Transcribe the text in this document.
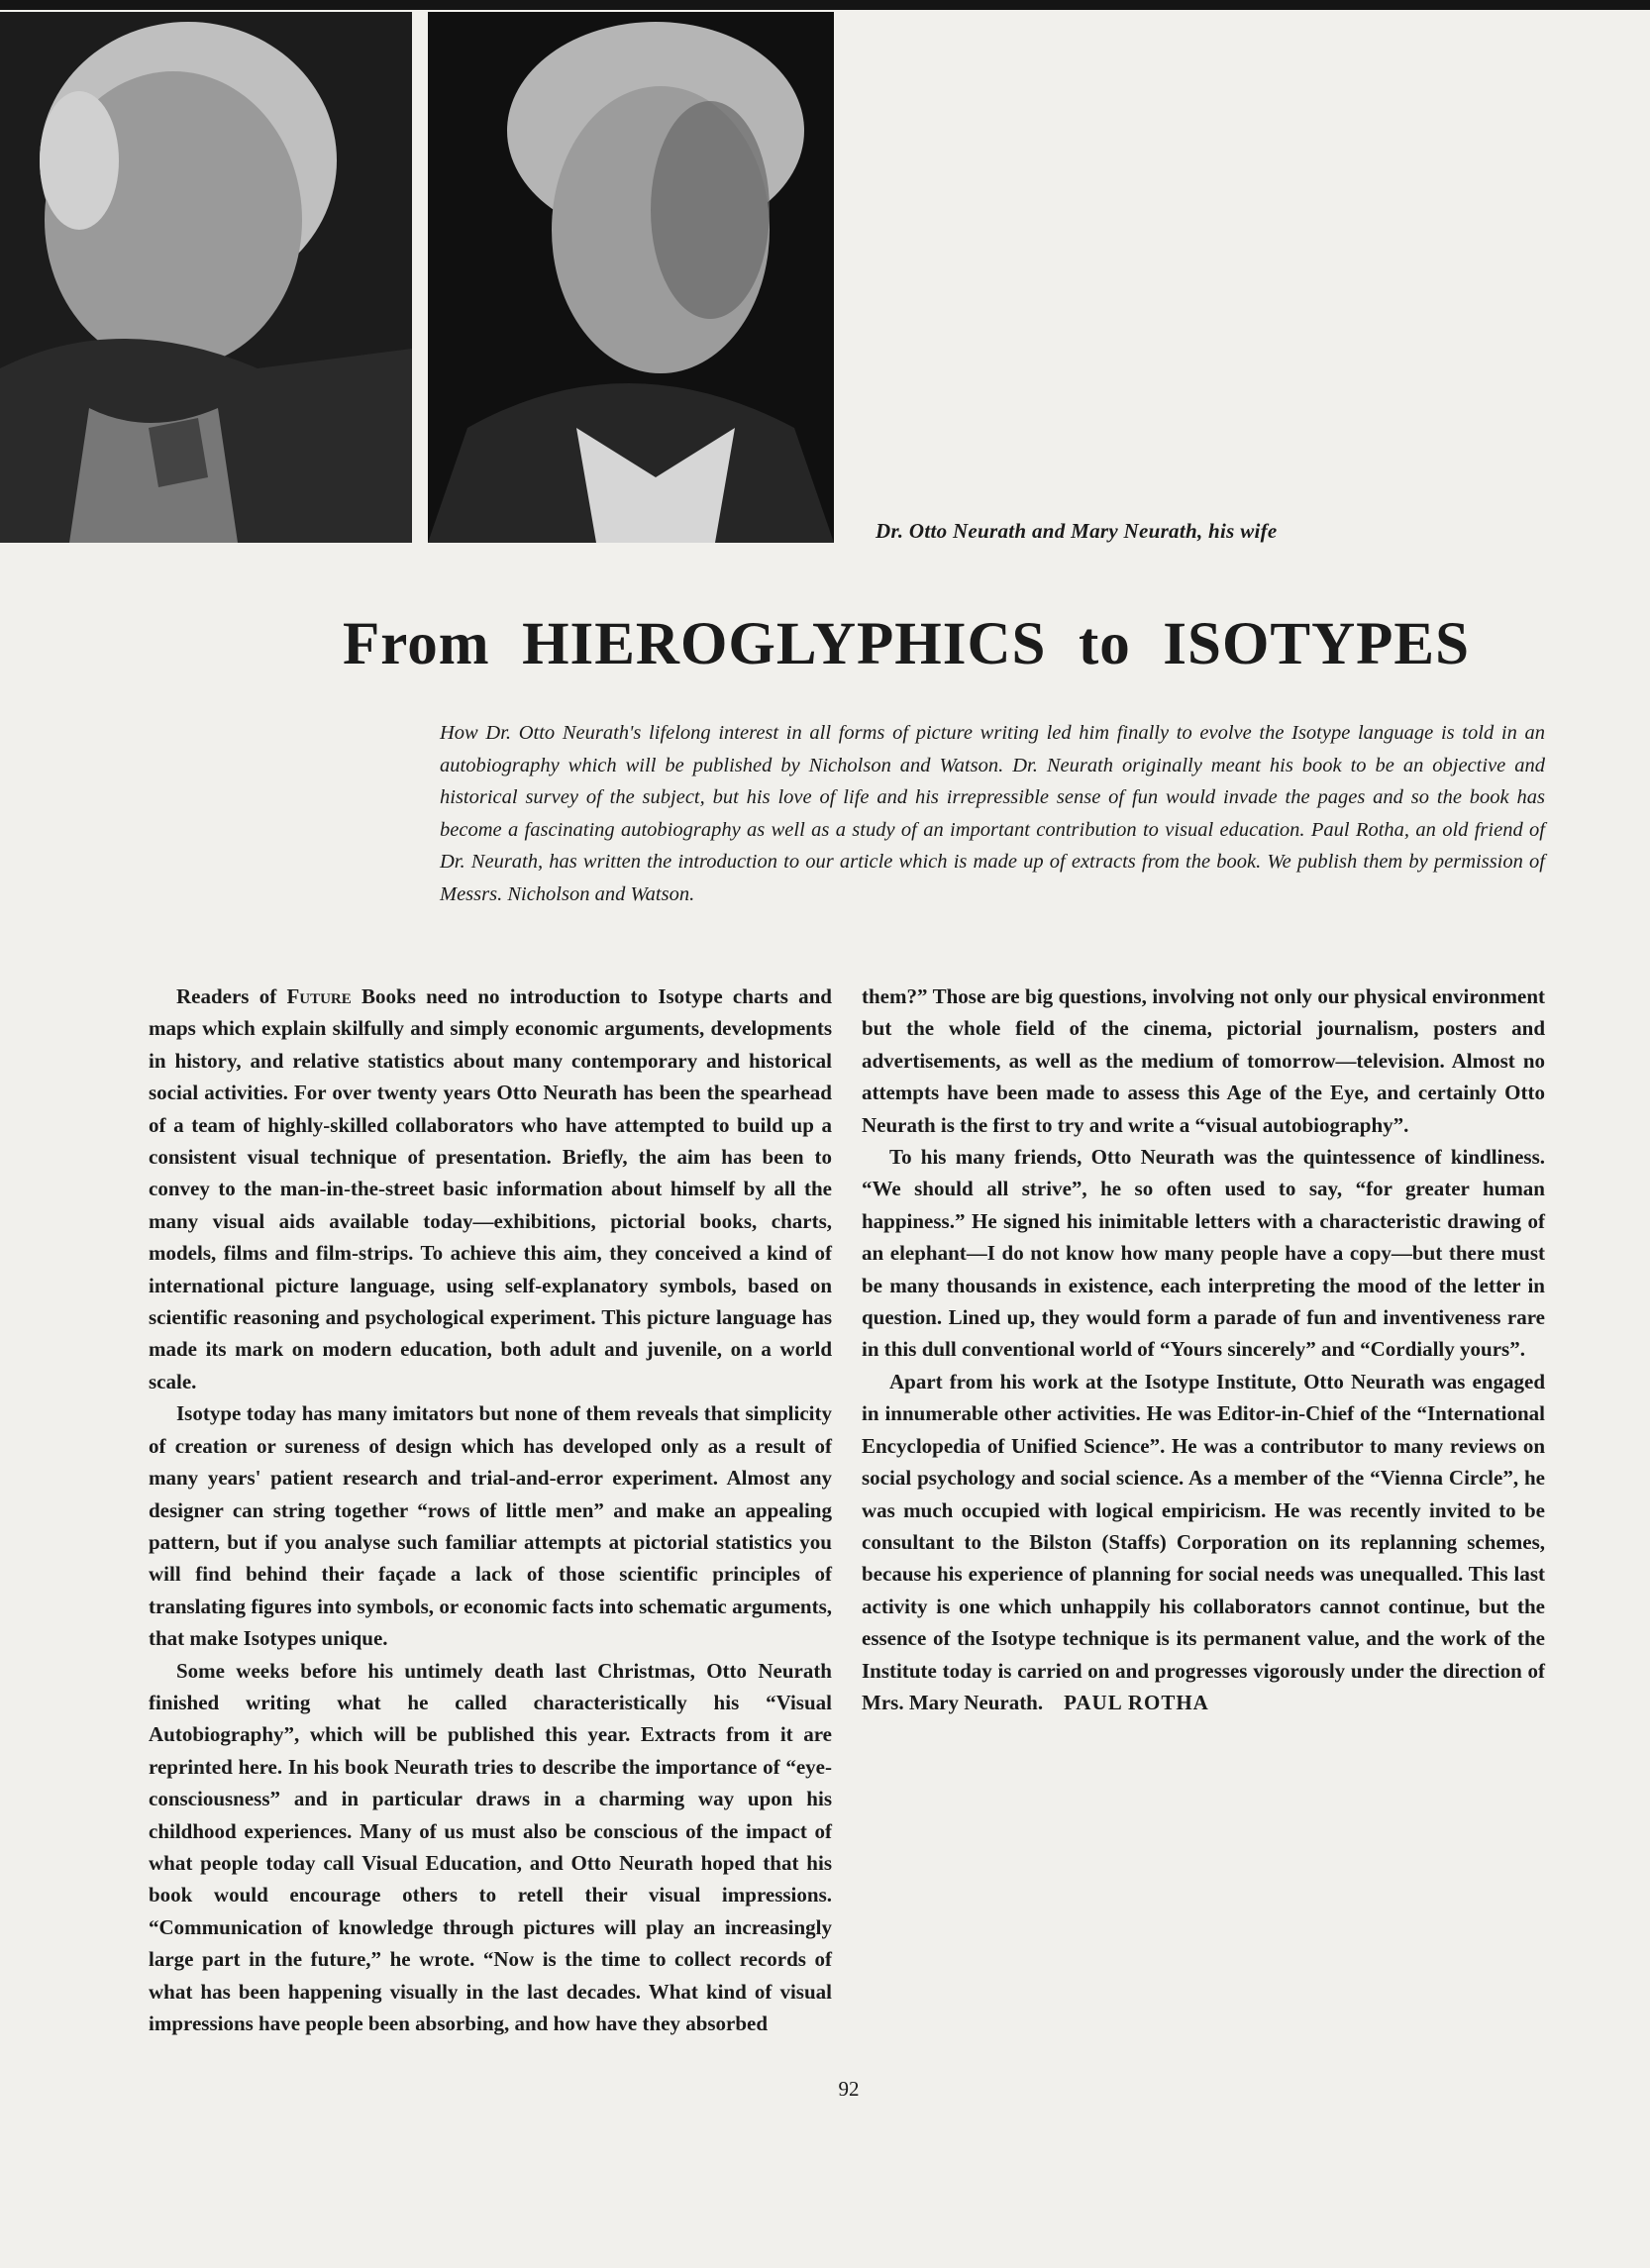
Dr. Otto Neurath and Mary Neurath, his wife
From HIEROGLYPHICS to ISOTYPES

How Dr. Otto Neurath's lifelong interest in all forms of picture writing led him finally to evolve the Isotype language is told in an autobiography which will be published by Nicholson and Watson. Dr. Neurath originally meant his book to be an objective and historical survey of the subject, but his love of life and his irrepressible sense of fun would invade the pages and so the book has become a fascinating autobiography as well as a study of an important contribution to visual education. Paul Rotha, an old friend of Dr. Neurath, has written the introduction to our article which is made up of extracts from the book. We publish them by permission of Messrs. Nicholson and Watson.

Readers of Future Books need no introduction to Isotype charts and maps which explain skilfully and simply economic arguments, developments in history, and relative statistics about many contemporary and historical social activities. For over twenty years Otto Neurath has been the spearhead of a team of highly-skilled collaborators who have attempted to build up a consistent visual technique of presentation. Briefly, the aim has been to convey to the man-in-the-street basic information about himself by all the many visual aids available today—exhibitions, pictorial books, charts, models, films and film-strips. To achieve this aim, they conceived a kind of international picture language, using self-explanatory symbols, based on scientific reasoning and psychological experiment. This picture language has made its mark on modern education, both adult and juvenile, on a world scale.

Isotype today has many imitators but none of them reveals that simplicity of creation or sureness of design which has developed only as a result of many years' patient research and trial-and-error experiment. Almost any designer can string together “rows of little men” and make an appealing pattern, but if you analyse such familiar attempts at pictorial statistics you will find behind their façade a lack of those scientific principles of translating figures into symbols, or economic facts into schematic arguments, that make Isotypes unique.

Some weeks before his untimely death last Christmas, Otto Neurath finished writing what he called characteristically his “Visual Autobiography”, which will be published this year. Extracts from it are reprinted here. In his book Neurath tries to describe the importance of “eye-consciousness” and in particular draws in a charming way upon his childhood experiences. Many of us must also be conscious of the impact of what people today call Visual Education, and Otto Neurath hoped that his book would encourage others to retell their visual impressions. “Communication of knowledge through pictures will play an increasingly large part in the future,” he wrote. “Now is the time to collect records of what has been happening visually in the last decades. What kind of visual impressions have people been absorbing, and how have they absorbed

them?” Those are big questions, involving not only our physical environment but the whole field of the cinema, pictorial journalism, posters and advertisements, as well as the medium of tomorrow—television. Almost no attempts have been made to assess this Age of the Eye, and certainly Otto Neurath is the first to try and write a “visual autobiography”.

To his many friends, Otto Neurath was the quintessence of kindliness. “We should all strive”, he so often used to say, “for greater human happiness.” He signed his inimitable letters with a characteristic drawing of an elephant—I do not know how many people have a copy—but there must be many thousands in existence, each interpreting the mood of the letter in question. Lined up, they would form a parade of fun and inventiveness rare in this dull conventional world of “Yours sincerely” and “Cordially yours”.

Apart from his work at the Isotype Institute, Otto Neurath was engaged in innumerable other activities. He was Editor-in-Chief of the “International Encyclopedia of Unified Science”. He was a contributor to many reviews on social psychology and social science. As a member of the “Vienna Circle”, he was much occupied with logical empiricism. He was recently invited to be consultant to the Bilston (Staffs) Corporation on its replanning schemes, because his experience of planning for social needs was unequalled. This last activity is one which unhappily his collaborators cannot continue, but the essence of the Isotype technique is its permanent value, and the work of the Institute today is carried on and progresses vigorously under the direction of Mrs. Mary Neurath. PAUL ROTHA

92
